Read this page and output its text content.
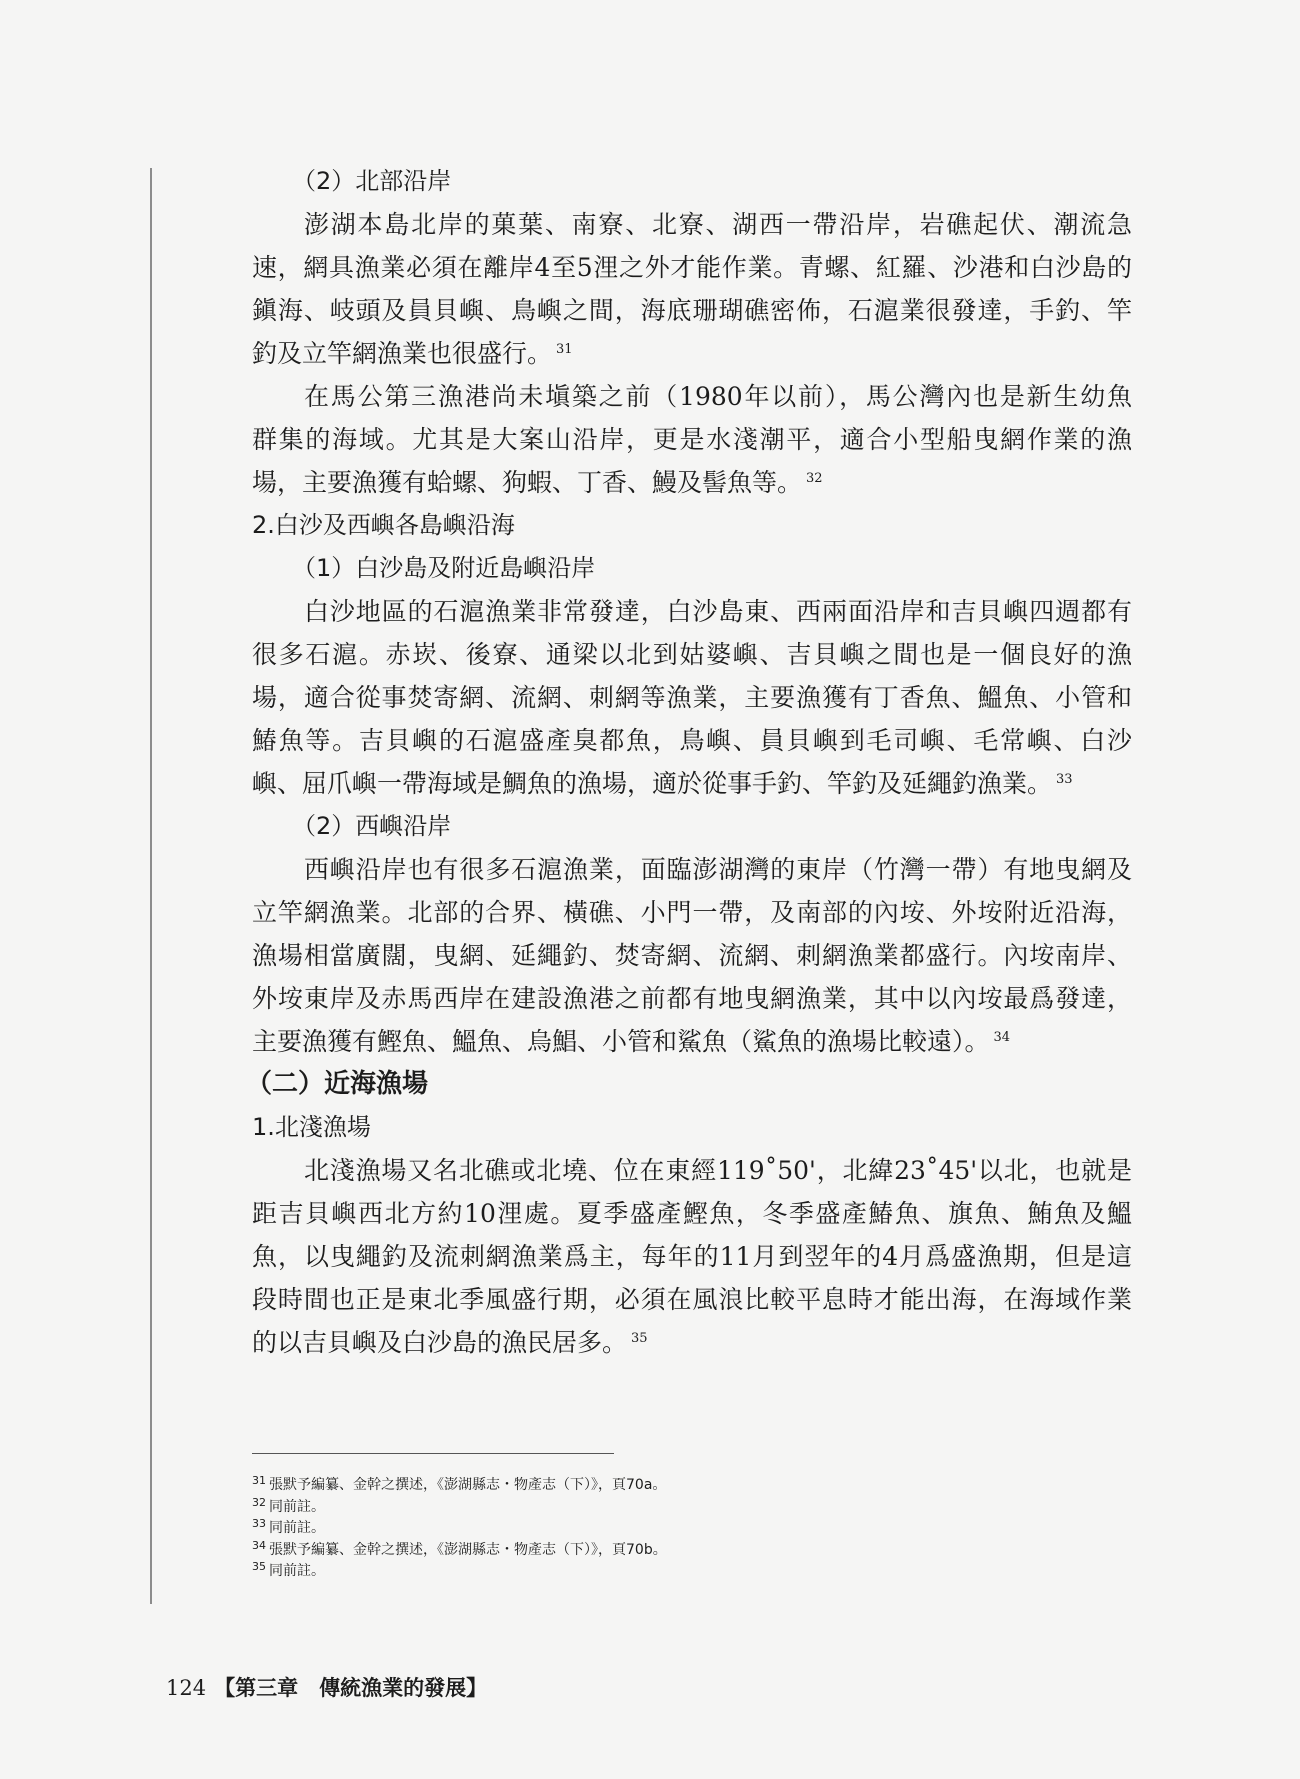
（2）北部沿岸
澎湖本島北岸的菓葉、南寮、北寮、湖西一帶沿岸，岩礁起伏、潮流急
速，網具漁業必須在離岸4至5浬之外才能作業。青螺、紅羅、沙港和白沙島的
鎭海、岐頭及員貝嶼、鳥嶼之間，海底珊瑚礁密佈，石滬業很發達，手釣、竿
釣及立竿網漁業也很盛行。 $^{31}$
在馬公第三漁港尚未塡築之前（1980年以前），馬公灣內也是新生幼魚
群集的海域。尤其是大案山沿岸，更是水淺潮平，適合小型船曳網作業的漁
場，主要漁獲有蛤螺、狗蝦、丁香、鰻及髻魚等。 $^{32}$
2.白沙及西嶼各島嶼沿海
（1）白沙島及附近島嶼沿岸
白沙地區的石滬漁業非常發達，白沙島東、西兩面沿岸和吉貝嶼四週都有
很多石滬。赤崁、後寮、通梁以北到姑婆嶼、吉貝嶼之間也是一個良好的漁
場，適合從事焚寄網、流網、刺網等漁業，主要漁獲有丁香魚、鰮魚、小管和
鰆魚等。吉貝嶼的石滬盛產臭都魚，鳥嶼、員貝嶼到毛司嶼、毛常嶼、白沙
嶼、屈爪嶼一帶海域是鯛魚的漁場，適於從事手釣、竿釣及延繩釣漁業。 $^{33}$
（2）西嶼沿岸
西嶼沿岸也有很多石滬漁業，面臨澎湖灣的東岸（竹灣一帶）有地曳網及
立竿網漁業。北部的合界、橫礁、小門一帶，及南部的內垵、外垵附近沿海，
漁場相當廣闊，曳網、延繩釣、焚寄網、流網、刺網漁業都盛行。內垵南岸、
外垵東岸及赤馬西岸在建設漁港之前都有地曳網漁業，其中以內垵最爲發達，
主要漁獲有鰹魚、鰮魚、烏鯧、小管和鯊魚（鯊魚的漁場比較遠）。 $^{34}$
（二）近海漁場
1.北淺漁場
北淺漁場又名北礁或北墝、位在東經119˚50'，北緯23˚45'以北，也就是
距吉貝嶼西北方約10浬處。夏季盛產鰹魚，冬季盛產鰆魚、旗魚、鮪魚及鰮
魚，以曳繩釣及流刺網漁業爲主，每年的11月到翌年的4月爲盛漁期，但是這
段時間也正是東北季風盛行期，必須在風浪比較平息時才能出海，在海域作業
的以吉貝嶼及白沙島的漁民居多。 $^{35}$
$^{31}$ 張默予編纂、金幹之撰述，《澎湖縣志・物產志（下）》，頁70a。
$^{32}$ 同前註。
$^{33}$ 同前註。
$^{34}$ 張默予編纂、金幹之撰述，《澎湖縣志・物產志（下）》，頁70b。
$^{35}$ 同前註。
124 【第三章　傳統漁業的發展】
